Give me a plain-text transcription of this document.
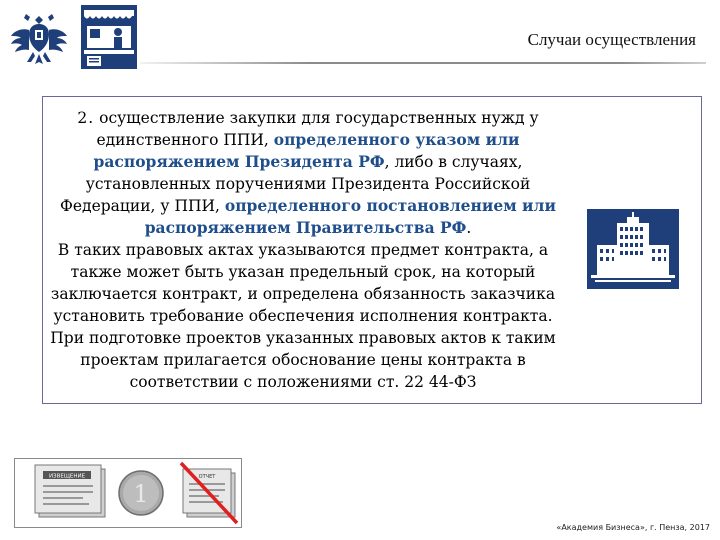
Случаи осуществления

2. осуществление закупки для государственных нужд у единственного ППИ, определенного указом или распоряжением Президента РФ, либо в случаях, установленных поручениями Президента Российской Федерации, у ППИ, определенного постановлением или распоряжением Правительства РФ.

В таких правовых актах указываются предмет контракта, а также может быть указан предельный срок, на который заключается контракт, и определена обязанность заказчика установить требование обеспечения исполнения контракта. При подготовке проектов указанных правовых актов к таким проектам прилагается обоснование цены контракта в соответствии с положениями ст. 22 44-ФЗ

ИЗВЕЩЕНИЕ
1
ОТЧЕТ
«Академия Бизнеса», г. Пенза, 2017
